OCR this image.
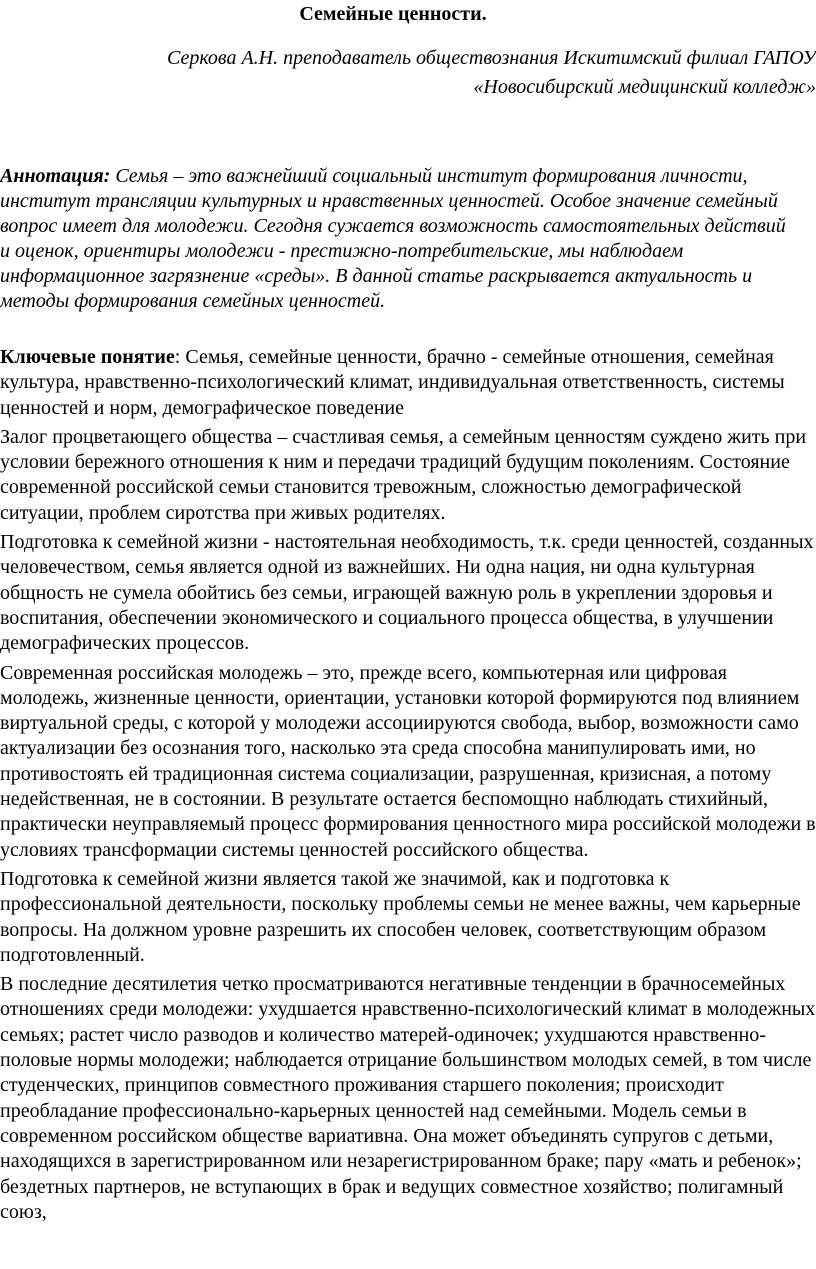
Семейные ценности.
Серкова А.Н. преподаватель обществознания Искитимский филиал ГАПОУ
«Новосибирский медицинский колледж»

Аннотация: Семья – это важнейший социальный институт формирования личности, институт трансляции культурных и нравственных ценностей. Особое значение семейный вопрос имеет для молодежи. Сегодня сужается возможность самостоятельных действий и оценок, ориентиры молодежи - престижно-потребительские, мы наблюдаем информационное загрязнение «среды». В данной статье раскрывается актуальность и методы формирования семейных ценностей.

Ключевые понятие: Семья, семейные ценности, брачно - семейные отношения, семейная культура, нравственно-психологический климат, индивидуальная ответственность, системы ценностей и норм, демографическое поведение

Залог процветающего общества – счастливая семья, а семейным ценностям суждено жить при условии бережного отношения к ним и передачи традиций будущим поколениям. Состояние современной российской семьи становится тревожным, сложностью демографической ситуации, проблем сиротства при живых родителях.

Подготовка к семейной жизни - настоятельная необходимость, т.к. среди ценностей, созданных человечеством, семья является одной из важнейших. Ни одна нация, ни одна культурная общность не сумела обойтись без семьи, играющей важную роль в укреплении здоровья и воспитания, обеспечении экономического и социального процесса общества, в улучшении демографических процессов.

Современная российская молодежь – это, прежде всего, компьютерная или цифровая молодежь, жизненные ценности, ориентации, установки которой формируются под влиянием виртуальной среды, с которой у молодежи ассоциируются свобода, выбор, возможности само актуализации без осознания того, насколько эта среда способна манипулировать ими, но противостоять ей традиционная система социализации, разрушенная, кризисная, а потому недейственная, не в состоянии. В результате остается беспомощно наблюдать стихийный, практически неуправляемый процесс формирования ценностного мира российской молодежи в условиях трансформации системы ценностей российского общества.

Подготовка к семейной жизни является такой же значимой, как и подготовка к профессиональной деятельности, поскольку проблемы семьи не менее важны, чем карьерные вопросы. На должном уровне разрешить их способен человек, соответствующим образом подготовленный.

В последние десятилетия четко просматриваются негативные тенденции в брачносемейных отношениях среди молодежи: ухудшается нравственно-психологический климат в молодежных семьях; растет число разводов и количество матерей-одиночек; ухудшаются нравственно-половые нормы молодежи; наблюдается отрицание большинством молодых семей, в том числе студенческих, принципов совместного проживания старшего поколения; происходит преобладание профессионально-карьерных ценностей над семейными. Модель семьи в современном российском обществе вариативна. Она может объединять супругов с детьми, находящихся в зарегистрированном или незарегистрированном браке; пару «мать и ребенок»; бездетных партнеров, не вступающих в брак и ведущих совместное хозяйство; полигамный союз,
